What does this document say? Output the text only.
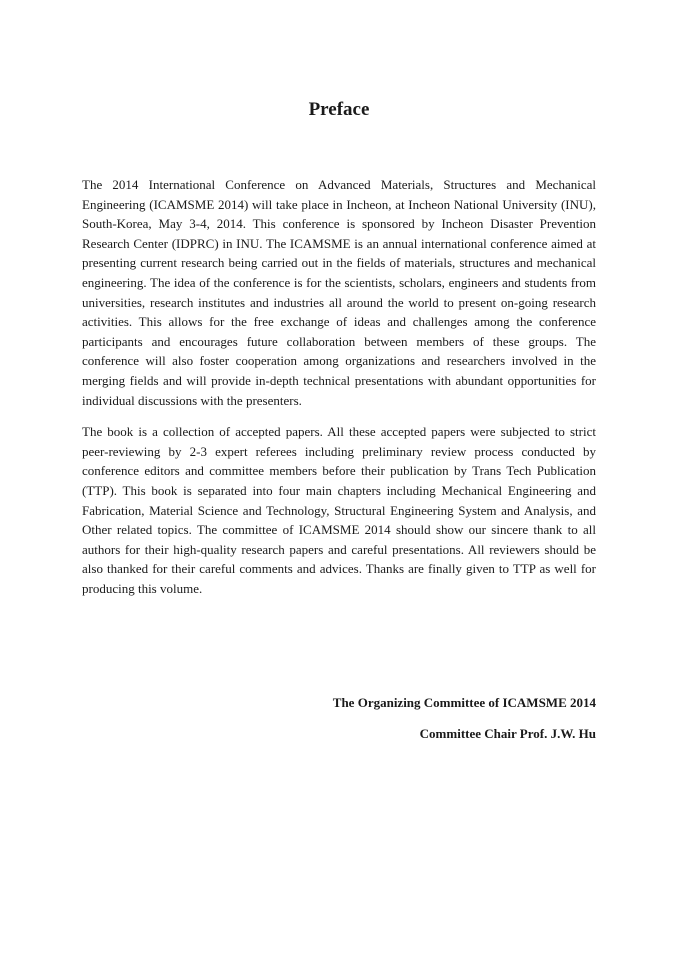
Preface

The 2014 International Conference on Advanced Materials, Structures and Mechanical Engineering (ICAMSME 2014) will take place in Incheon, at Incheon National University (INU), South-Korea, May 3-4, 2014. This conference is sponsored by Incheon Disaster Prevention Research Center (IDPRC) in INU. The ICAMSME is an annual international conference aimed at presenting current research being carried out in the fields of materials, structures and mechanical engineering. The idea of the conference is for the scientists, scholars, engineers and students from universities, research institutes and industries all around the world to present on-going research activities. This allows for the free exchange of ideas and challenges among the conference participants and encourages future collaboration between members of these groups. The conference will also foster cooperation among organizations and researchers involved in the merging fields and will provide in-depth technical presentations with abundant opportunities for individual discussions with the presenters.

The book is a collection of accepted papers. All these accepted papers were subjected to strict peer-reviewing by 2-3 expert referees including preliminary review process conducted by conference editors and committee members before their publication by Trans Tech Publication (TTP). This book is separated into four main chapters including Mechanical Engineering and Fabrication, Material Science and Technology, Structural Engineering System and Analysis, and Other related topics. The committee of ICAMSME 2014 should show our sincere thank to all authors for their high-quality research papers and careful presentations. All reviewers should be also thanked for their careful comments and advices. Thanks are finally given to TTP as well for producing this volume.

The Organizing Committee of ICAMSME 2014

Committee Chair Prof. J.W. Hu
